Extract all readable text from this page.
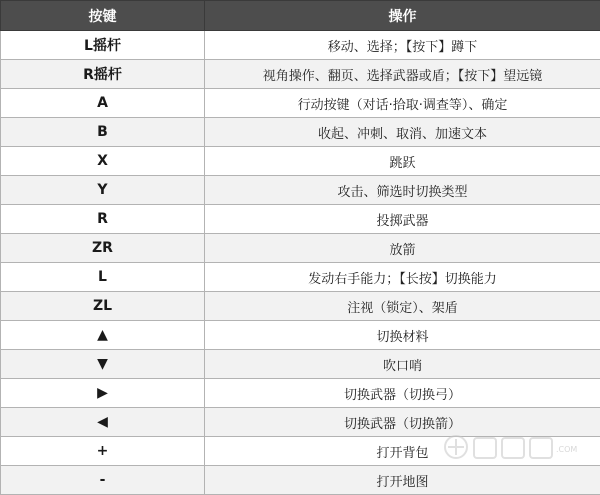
按键	操作
L摇杆	移动、选择；【按下】蹲下
R摇杆	视角操作、翻页、选择武器或盾；【按下】望远镜
A	行动按键（对话·拾取·调查等）、确定
B	收起、冲刺、取消、加速文本
X	跳跃
Y	攻击、筛选时切换类型
R	投掷武器
ZR	放箭
L	发动右手能力；【长按】切换能力
ZL	注视（锁定）、架盾
▲	切换材料
▼	吹口哨
▶	切换武器（切换弓）
◀	切换武器（切换箭）
+	打开背包
-	打开地图
.COM
